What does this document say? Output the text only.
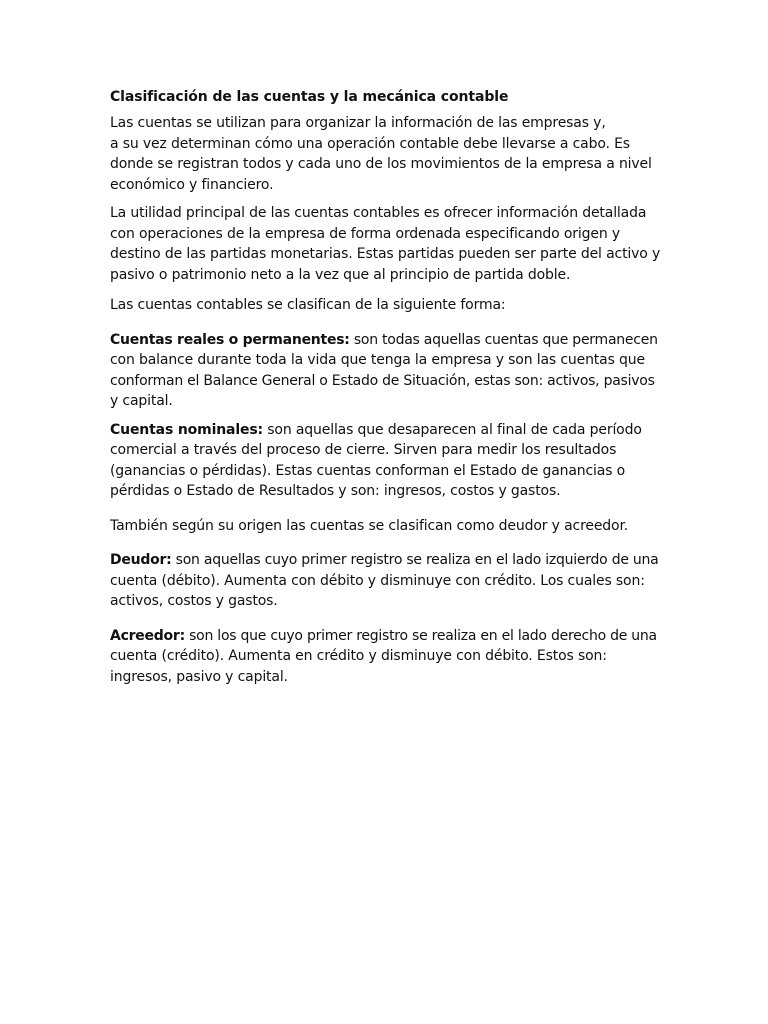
Clasificación de las cuentas y la mecánica contable

Las cuentas se utilizan para organizar la información de las empresas y,
a su vez determinan cómo una operación contable debe llevarse a cabo. Es
donde se registran todos y cada uno de los movimientos de la empresa a nivel
económico y financiero.

La utilidad principal de las cuentas contables es ofrecer información detallada
con operaciones de la empresa de forma ordenada especificando origen y
destino de las partidas monetarias. Estas partidas pueden ser parte del activo y
pasivo o patrimonio neto a la vez que al principio de partida doble.

Las cuentas contables se clasifican de la siguiente forma:

Cuentas reales o permanentes: son todas aquellas cuentas que permanecen
con balance durante toda la vida que tenga la empresa y son las cuentas que
conforman el Balance General o Estado de Situación, estas son: activos, pasivos
y capital.

Cuentas nominales: son aquellas que desaparecen al final de cada período
comercial a través del proceso de cierre. Sirven para medir los resultados
(ganancias o pérdidas). Estas cuentas conforman el Estado de ganancias o
pérdidas o Estado de Resultados y son: ingresos, costos y gastos.

También según su origen las cuentas se clasifican como deudor y acreedor.

Deudor: son aquellas cuyo primer registro se realiza en el lado izquierdo de una
cuenta (débito). Aumenta con débito y disminuye con crédito. Los cuales son:
activos, costos y gastos.

Acreedor: son los que cuyo primer registro se realiza en el lado derecho de una
cuenta (crédito). Aumenta en crédito y disminuye con débito. Estos son:
ingresos, pasivo y capital.
